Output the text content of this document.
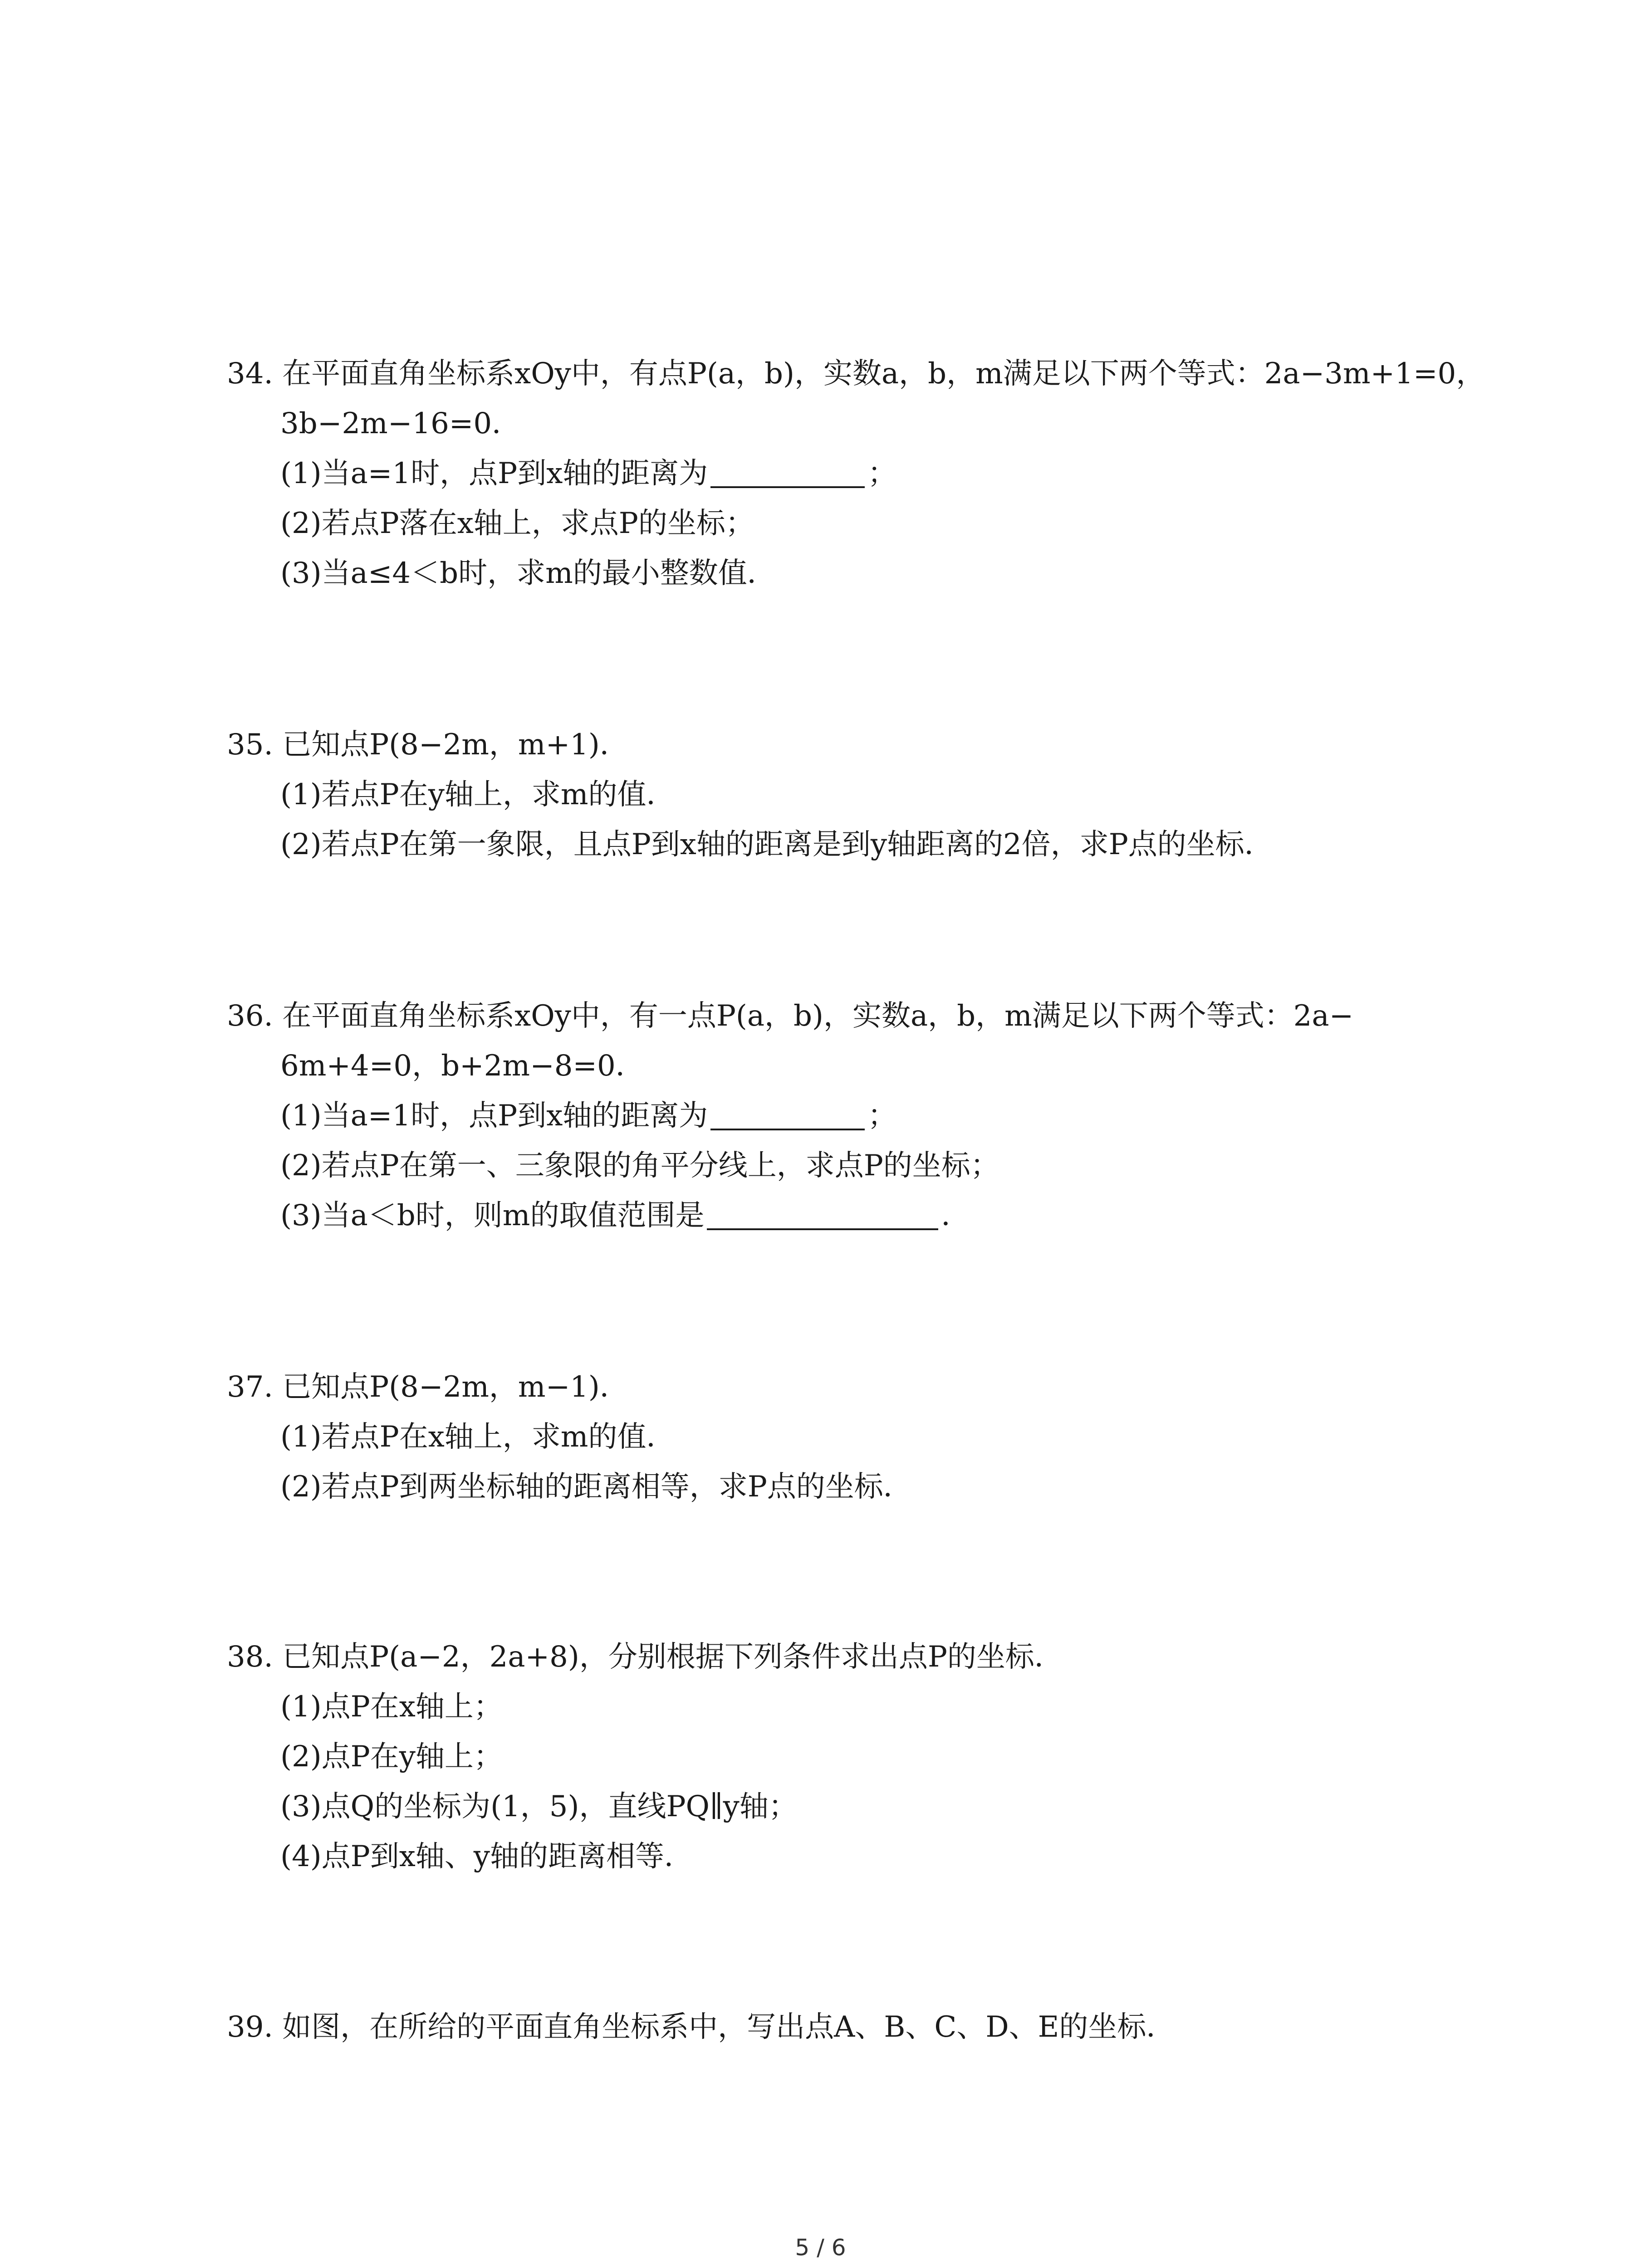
34. 在平面直角坐标系xOy中，有点P(a，b)，实数a，b，m满足以下两个等式：2a−3m+1=0，
3b−2m−16=0．
(1)当a=1时，点P到x轴的距离为	；
(2)若点P落在x轴上，求点P的坐标；
(3)当a≤4＜b时，求m的最小整数值．
35. 已知点P(8−2m，m+1)．
(1)若点P在y轴上，求m的值．
(2)若点P在第一象限，且点P到x轴的距离是到y轴距离的2倍，求P点的坐标．
36. 在平面直角坐标系xOy中，有一点P(a，b)，实数a，b，m满足以下两个等式：2a−
6m+4=0，b+2m−8=0．
(1)当a=1时，点P到x轴的距离为	；
(2)若点P在第一、三象限的角平分线上，求点P的坐标；
(3)当a＜b时，则m的取值范围是	．
37. 已知点P(8−2m，m−1)．
(1)若点P在x轴上，求m的值．
(2)若点P到两坐标轴的距离相等，求P点的坐标．
38. 已知点P(a−2，2a+8)，分别根据下列条件求出点P的坐标．
(1)点P在x轴上；
(2)点P在y轴上；
(3)点Q的坐标为(1，5)，直线PQ∥y轴；
(4)点P到x轴、y轴的距离相等．
39. 如图，在所给的平面直角坐标系中，写出点A、B、C、D、E的坐标．
5 / 6
